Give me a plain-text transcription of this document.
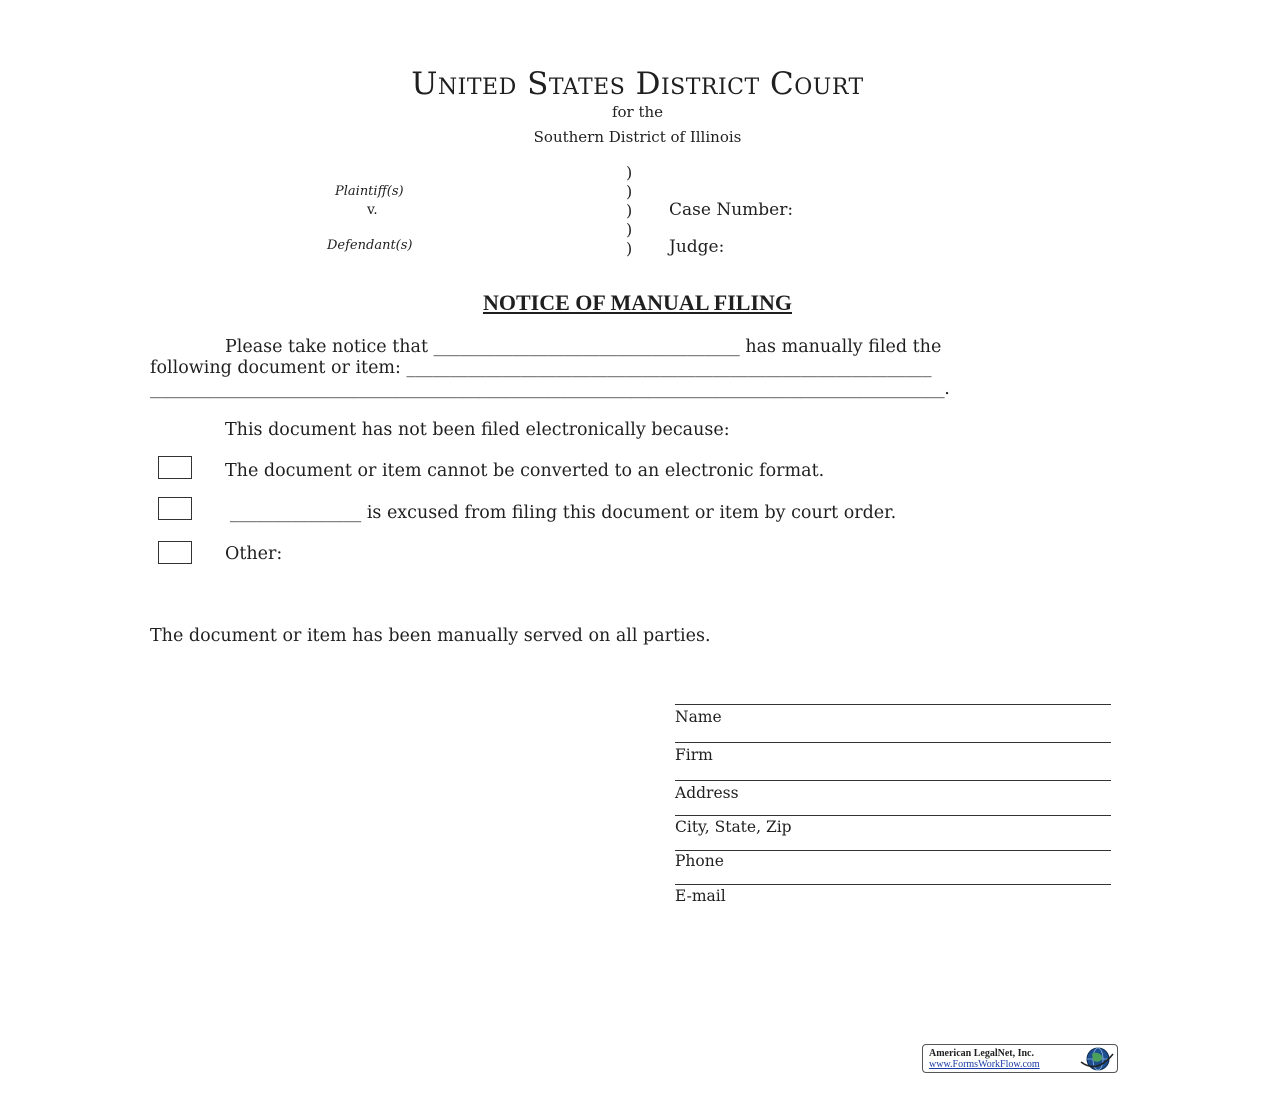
United States District Court
for the
Southern District of Illinois
)
)
)
)
)
Plaintiff(s)
v.
Defendant(s)
Case Number:
Judge:
NOTICE OF MANUAL FILING
Please take notice that ___________________________________ has manually filed the
following document or item: ____________________________________________________________
______________________________________________________________________________________________.
This document has not been filed electronically because:
The document or item cannot be converted to an electronic format.
_______________ is excused from filing this document or item by court order.
Other:
The document or item has been manually served on all parties.
Name
Firm
Address
City, State, Zip
Phone
E-mail
American LegalNet, Inc.
www.FormsWorkFlow.com
